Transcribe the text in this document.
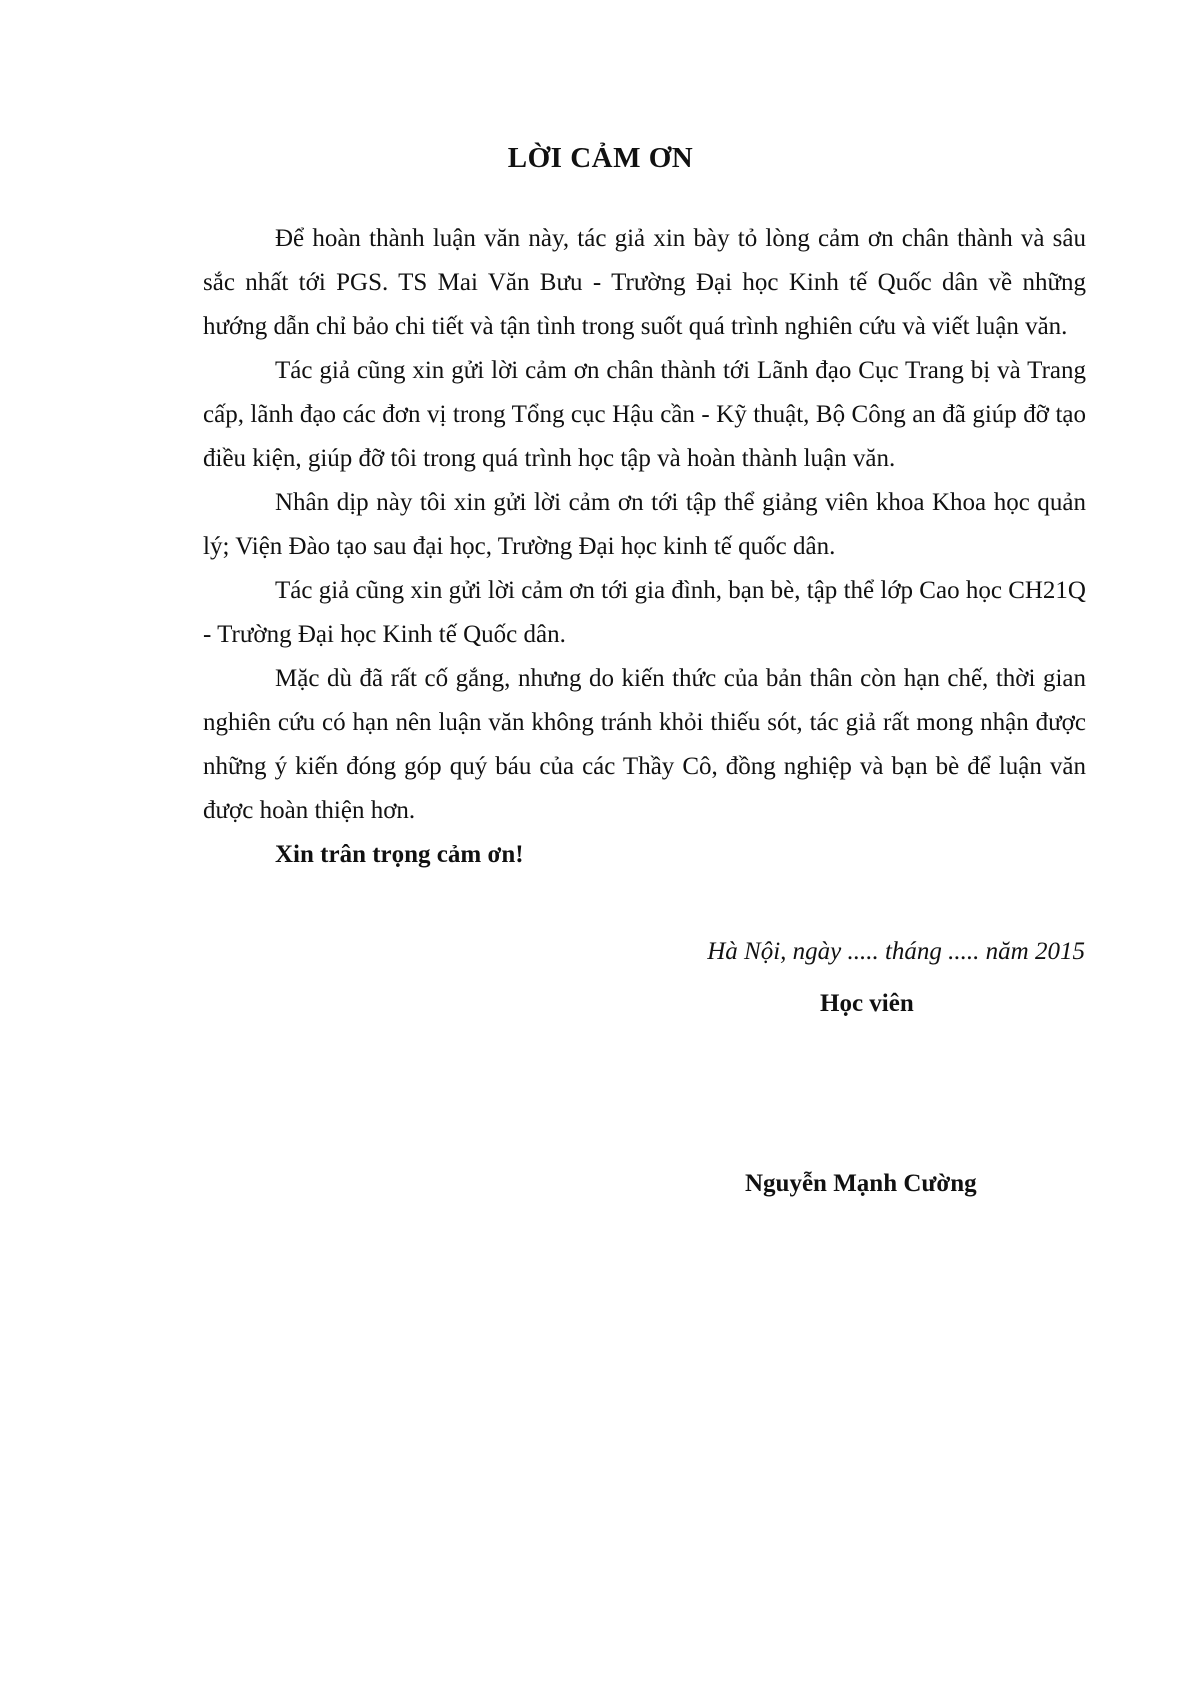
LỜI CẢM ƠN

Để hoàn thành luận văn này, tác giả xin bày tỏ lòng cảm ơn chân thành và sâu sắc nhất tới PGS. TS Mai Văn Bưu - Trường Đại học Kinh tế Quốc dân về những hướng dẫn chỉ bảo chi tiết và tận tình trong suốt quá trình nghiên cứu và viết luận văn.

Tác giả cũng xin gửi lời cảm ơn chân thành tới Lãnh đạo Cục Trang bị và Trang cấp, lãnh đạo các đơn vị trong Tổng cục Hậu cần - Kỹ thuật, Bộ Công an đã giúp đỡ tạo điều kiện, giúp đỡ tôi trong quá trình học tập và hoàn thành luận văn.

Nhân dịp này tôi xin gửi lời cảm ơn tới tập thể giảng viên khoa Khoa học quản lý; Viện Đào tạo sau đại học, Trường Đại học kinh tế quốc dân.

Tác giả cũng xin gửi lời cảm ơn tới gia đình, bạn bè, tập thể lớp Cao học CH21Q - Trường Đại học Kinh tế Quốc dân.

Mặc dù đã rất cố gắng, nhưng do kiến thức của bản thân còn hạn chế, thời gian nghiên cứu có hạn nên luận văn không tránh khỏi thiếu sót, tác giả rất mong nhận được những ý kiến đóng góp quý báu của các Thầy Cô, đồng nghiệp và bạn bè để luận văn được hoàn thiện hơn.

Xin trân trọng cảm ơn!

Hà Nội, ngày ..... tháng ..... năm 2015
Học viên
Nguyễn Mạnh Cường
